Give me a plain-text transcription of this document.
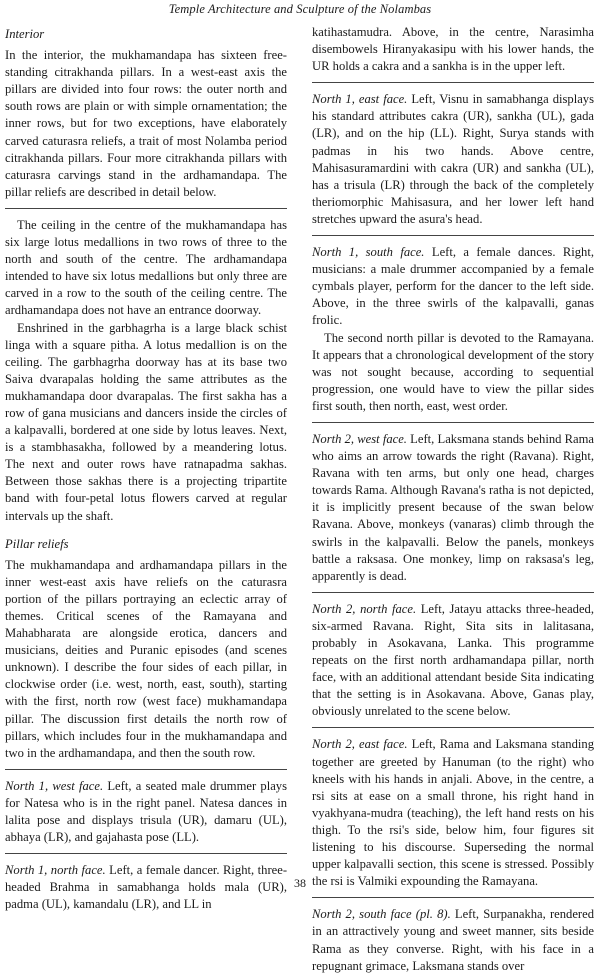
Temple Architecture and Sculpture of the Nolambas
Interior

In the interior, the mukhamandapa has sixteen free-standing citrakhanda pillars. In a west-east axis the pillars are divided into four rows: the outer north and south rows are plain or with simple ornamentation; the inner rows, but for two exceptions, have elaborately carved caturasra reliefs, a trait of most Nolamba period citrakhanda pillars. Four more citrakhanda pillars with caturasra carvings stand in the ardhamandapa. The pillar reliefs are described in detail below.

The ceiling in the centre of the mukhamandapa has six large lotus medallions in two rows of three to the north and south of the centre. The ardhamandapa intended to have six lotus medallions but only three are carved in a row to the south of the ceiling centre. The ardhamandapa does not have an entrance doorway.

Enshrined in the garbhagrha is a large black schist linga with a square pitha. A lotus medallion is on the ceiling. The garbhagrha doorway has at its base two Saiva dvarapalas holding the same attributes as the mukhamandapa door dvarapalas. The first sakha has a row of gana musicians and dancers inside the circles of a kalpavalli, bordered at one side by lotus leaves. Next, is a stambhasakha, followed by a meandering lotus. The next and outer rows have ratnapadma sakhas. Between those sakhas there is a projecting tripartite band with four-petal lotus flowers carved at regular intervals up the shaft.

Pillar reliefs

The mukhamandapa and ardhamandapa pillars in the inner west-east axis have reliefs on the caturasra portion of the pillars portraying an eclectic array of themes. Critical scenes of the Ramayana and Mahabharata are alongside erotica, dancers and musicians, deities and Puranic episodes (and scenes unknown). I describe the four sides of each pillar, in clockwise order (i.e. west, north, east, south), starting with the first, north row (west face) mukhamandapa pillar. The discussion first details the north row of pillars, which includes four in the mukhamandapa and two in the ardhamandapa, and then the south row.

North 1, west face. Left, a seated male drummer plays for Natesa who is in the right panel. Natesa dances in lalita pose and displays trisula (UR), damaru (UL), abhaya (LR), and gajahasta pose (LL).

North 1, north face. Left, a female dancer. Right, three-headed Brahma in samabhanga holds mala (UR), padma (UL), kamandalu (LR), and LL in

katihastamudra. Above, in the centre, Narasimha disembowels Hiranyakasipu with his lower hands, the UR holds a cakra and a sankha is in the upper left.

North 1, east face. Left, Visnu in samabhanga displays his standard attributes cakra (UR), sankha (UL), gada (LR), and on the hip (LL). Right, Surya stands with padmas in his two hands. Above centre, Mahisasuramardini with cakra (UR) and sankha (UL), has a trisula (LR) through the back of the completely theriomorphic Mahisasura, and her lower left hand stretches upward the asura's head.

North 1, south face. Left, a female dances. Right, musicians: a male drummer accompanied by a female cymbals player, perform for the dancer to the left side. Above, in the three swirls of the kalpavalli, ganas frolic.

The second north pillar is devoted to the Ramayana. It appears that a chronological development of the story was not sought because, according to sequential progression, one would have to view the pillar sides first south, then north, east, west order.

North 2, west face. Left, Laksmana stands behind Rama who aims an arrow towards the right (Ravana). Right, Ravana with ten arms, but only one head, charges towards Rama. Although Ravana's ratha is not depicted, it is implicitly present because of the swan below Ravana. Above, monkeys (vanaras) climb through the swirls in the kalpavalli. Below the panels, monkeys battle a raksasa. One monkey, limp on raksasa's leg, apparently is dead.

North 2, north face. Left, Jatayu attacks three-headed, six-armed Ravana. Right, Sita sits in lalitasana, probably in Asokavana, Lanka. This programme repeats on the first north ardhamandapa pillar, north face, with an additional attendant beside Sita indicating that the setting is in Asokavana. Above, Ganas play, obviously unrelated to the scene below.

North 2, east face. Left, Rama and Laksmana standing together are greeted by Hanuman (to the right) who kneels with his hands in anjali. Above, in the centre, a rsi sits at ease on a small throne, his right hand in vyakhyana-mudra (teaching), the left hand rests on his thigh. To the rsi's side, below him, four figures sit listening to his discourse. Superseding the normal upper kalpavalli section, this scene is stressed. Possibly the rsi is Valmiki expounding the Ramayana.

North 2, south face (pl. 8). Left, Surpanakha, rendered in an attractively young and sweet manner, sits beside Rama as they converse. Right, with his face in a repugnant grimace, Laksmana stands over

38
